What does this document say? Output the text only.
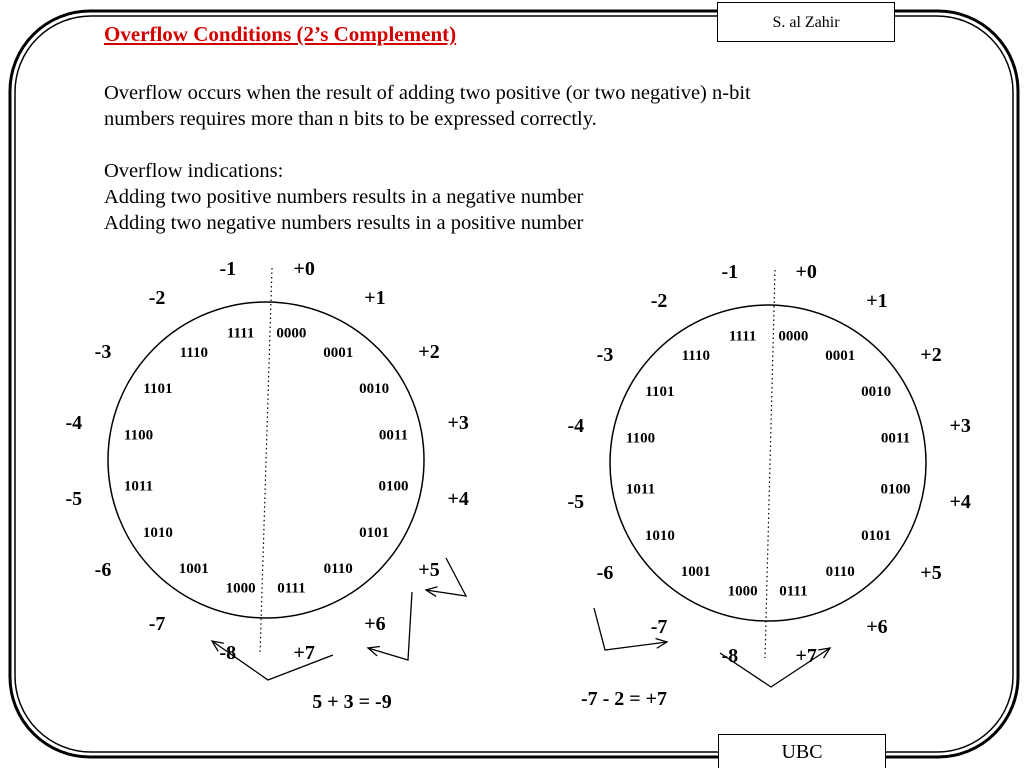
S. al Zahir
Overflow Conditions (2’s Complement)
Overflow occurs when the result of adding two positive (or two negative) n-bit
numbers requires more than n bits to be expressed correctly.
Overflow indications:
Adding two positive numbers results in a negative number
Adding two negative numbers results in a positive number
0000
+0
0001
+1
0010
+2
0011
+3
0100
+4
0101
+5
0110
+6
0111
+7
1000
-8
1001
-7
1010
-6
1011
-5
1100
-4
1101
-3	1110
-2
1111
-1
5 + 3 = -9
0000
+0
0001
+1
0010
+2
0011
+3
0100
+4
0101
+5
0110
+6
0111
+7
1000
-8
1001
-7
1010
-6
1011
-5
1100
-4
1101
-3	1110
-2
1111
-1
-7 - 2 = +7
UBC
